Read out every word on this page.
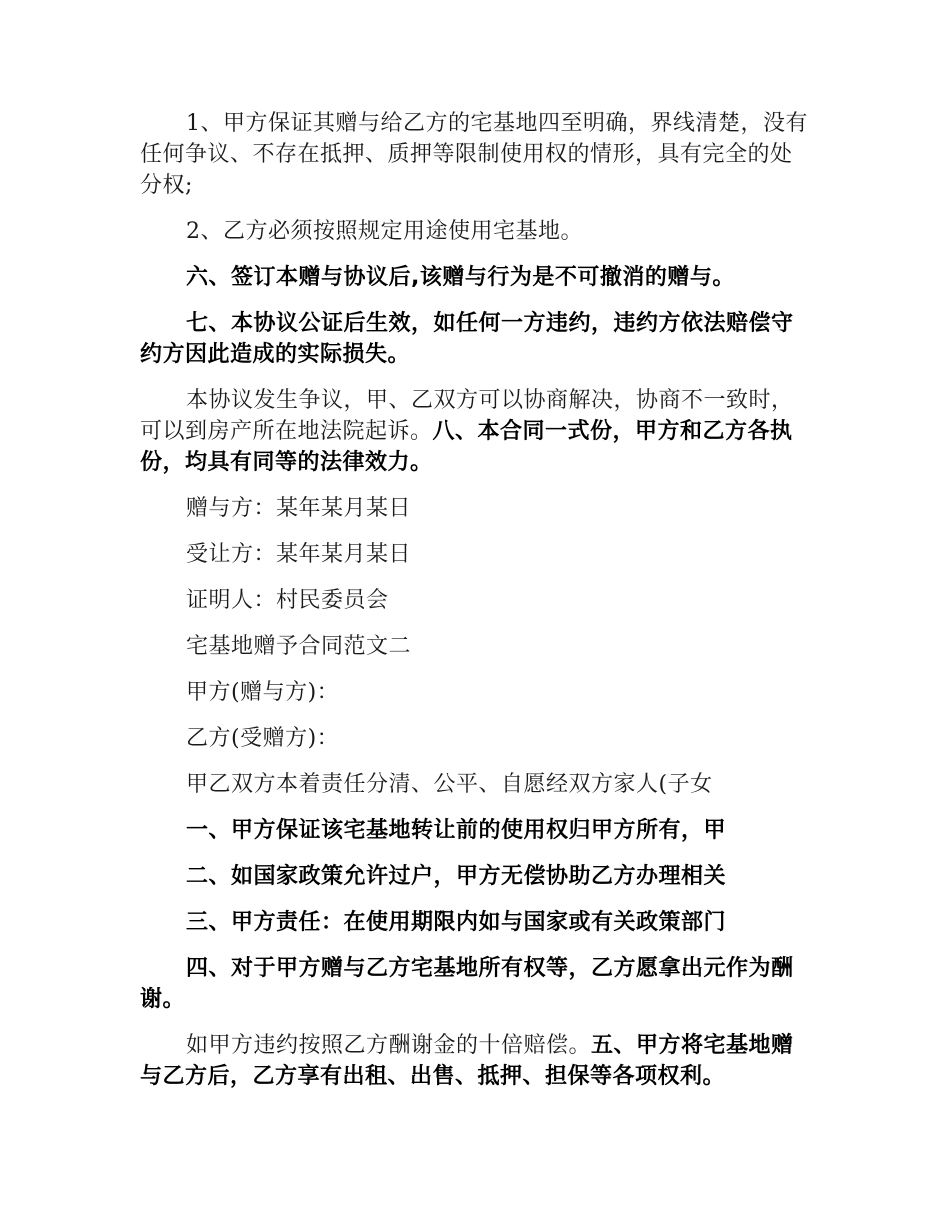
1、甲方保证其赠与给乙方的宅基地四至明确，界线清楚，没有任何争议、不存在抵押、质押等限制使用权的情形，具有完全的处分权;

2、乙方必须按照规定用途使用宅基地。

六、签订本赠与协议后,该赠与行为是不可撤消的赠与。

七、本协议公证后生效，如任何一方违约，违约方依法赔偿守约方因此造成的实际损失。

本协议发生争议，甲、乙双方可以协商解决，协商不一致时，可以到房产所在地法院起诉。八、本合同一式份，甲方和乙方各执份，均具有同等的法律效力。

赠与方：某年某月某日

受让方：某年某月某日

证明人：村民委员会

宅基地赠予合同范文二

甲方(赠与方)：

乙方(受赠方)：

甲乙双方本着责任分清、公平、自愿经双方家人(子女

一、甲方保证该宅基地转让前的使用权归甲方所有，甲

二、如国家政策允许过户，甲方无偿协助乙方办理相关

三、甲方责任：在使用期限内如与国家或有关政策部门

四、对于甲方赠与乙方宅基地所有权等，乙方愿拿出元作为酬谢。

如甲方违约按照乙方酬谢金的十倍赔偿。五、甲方将宅基地赠与乙方后，乙方享有出租、出售、抵押、担保等各项权利。
